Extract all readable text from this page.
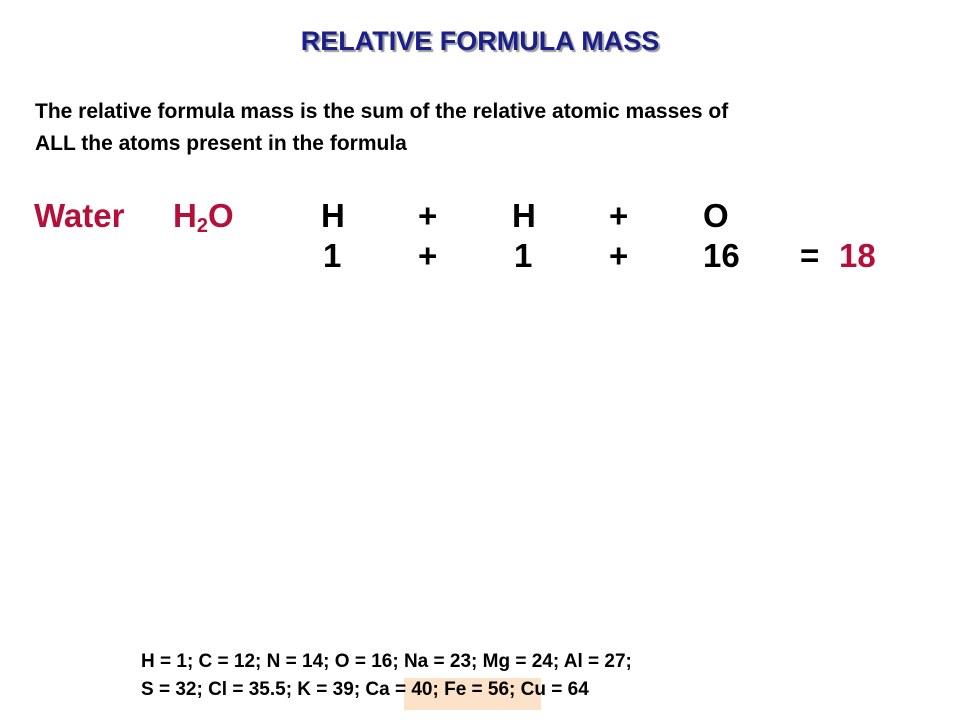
RELATIVE FORMULA MASS
The relative formula mass is the sum of the relative atomic masses of
ALL the atoms present in the formula
Water $H_2O$	H + H + O
1 + 1 + 16 = 18
H = 1; C = 12; N = 14; O = 16; Na = 23; Mg = 24; Al = 27;
S = 32; Cl = 35.5; K = 39; Ca = 40; Fe = 56; Cu = 64
